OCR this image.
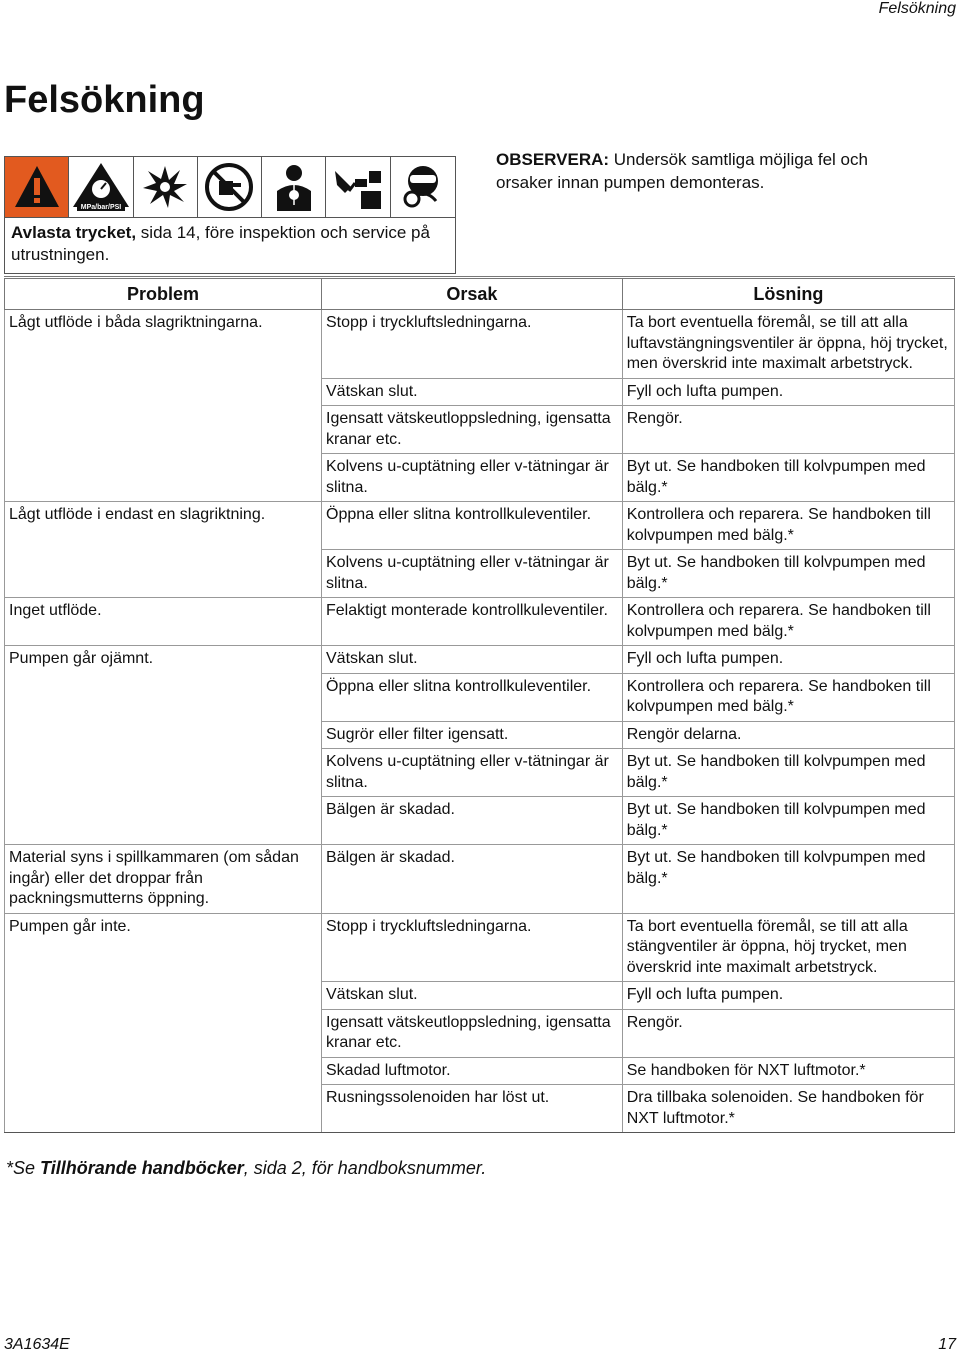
Felsökning
Felsökning
MPa/bar/PSI
Avlasta trycket, sida 14, före inspektion och service på utrustningen.
OBSERVERA: Undersök samtliga möjliga fel och orsaker innan pumpen demonteras.
Problem	Orsak	Lösning
Lågt utflöde i båda slagriktningarna.	Stopp i tryckluftsledningarna.	Ta bort eventuella föremål, se till att alla luftavstängningsventiler är öppna, höj trycket, men överskrid inte maximalt arbetstryck.
	Vätskan slut.	Fyll och lufta pumpen.
	Igensatt vätskeutloppsledning, igensatta kranar etc.	Rengör.
	Kolvens u-cuptätning eller v-tätningar är slitna.	Byt ut. Se handboken till kolvpumpen med bälg.*
Lågt utflöde i endast en slagriktning.	Öppna eller slitna kontrollkuleventiler.	Kontrollera och reparera. Se handboken till kolvpumpen med bälg.*
	Kolvens u-cuptätning eller v-tätningar är slitna.	Byt ut. Se handboken till kolvpumpen med bälg.*
Inget utflöde.	Felaktigt monterade kontrollkuleventiler.	Kontrollera och reparera. Se handboken till kolvpumpen med bälg.*
Pumpen går ojämnt.	Vätskan slut.	Fyll och lufta pumpen.
	Öppna eller slitna kontrollkuleventiler.	Kontrollera och reparera. Se handboken till kolvpumpen med bälg.*
	Sugrör eller filter igensatt.	Rengör delarna.
	Kolvens u-cuptätning eller v-tätningar är slitna.	Byt ut. Se handboken till kolvpumpen med bälg.*
	Bälgen är skadad.	Byt ut. Se handboken till kolvpumpen med bälg.*
Material syns i spillkammaren (om sådan ingår) eller det droppar från packningsmutterns öppning.	Bälgen är skadad.	Byt ut. Se handboken till kolvpumpen med bälg.*
Pumpen går inte.	Stopp i tryckluftsledningarna.	Ta bort eventuella föremål, se till att alla stängventiler är öppna, höj trycket, men överskrid inte maximalt arbetstryck.
	Vätskan slut.	Fyll och lufta pumpen.
	Igensatt vätskeutloppsledning, igensatta kranar etc.	Rengör.
	Skadad luftmotor.	Se handboken för NXT luftmotor.*
	Rusningssolenoiden har löst ut.	Dra tillbaka solenoiden. Se handboken för NXT luftmotor.*
*Se Tillhörande handböcker, sida 2, för handboksnummer.
3A1634E	17
